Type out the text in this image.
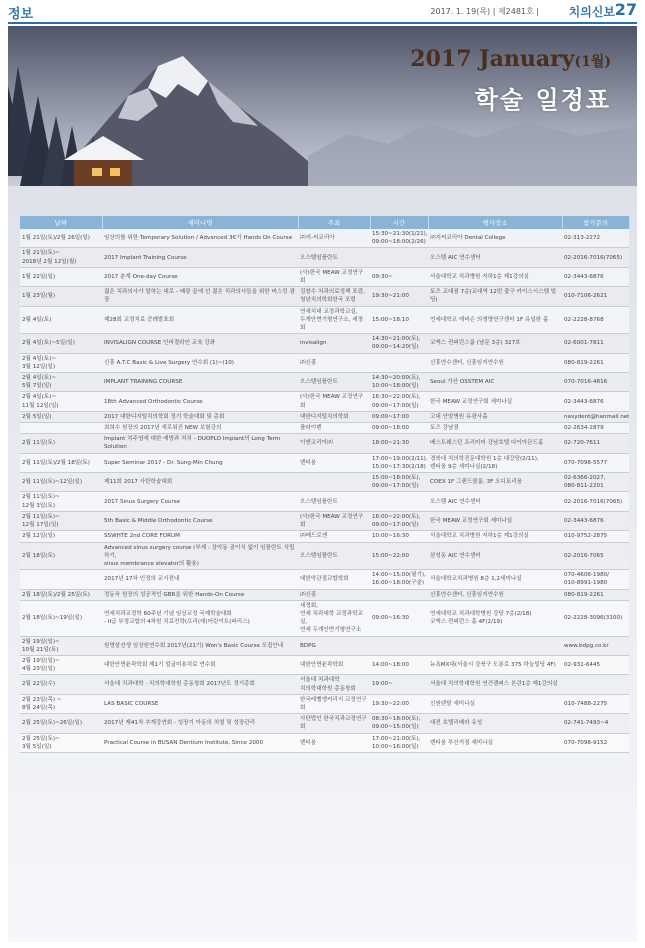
정보	2017. 1. 19(목) | 제2481호 | 치의신보 27
2017 January(1월)
학술 일정표
날짜	세미나명	주최	시간	행사장소	참가문의
1월 21일(토)/2월 26일(일)	임상의를 위한 Temporary Solution / Advanced 3€기 Hands On Course	㈜지-씨코리아	15:30~21:30(1/21),
09:00~18:00(2/26)	㈜지씨코리아 Dental College	02-313-2272
1월 21일(토)~
2018년 2월 12일(월)	2017 Implant Training Course	오스템임플란트		오스템 AIC 연수센터	02-2016-7016(7065)
1월 22일(일)	2017 춘계 One-day Course	(사)한국 MEAW 교정연구회	09:30~	서울대학교 치과병원 지하1층 제1강의실	02-3443-6876
1월 23일(월)	젊은 치과의사가 말하는 대로 - 배광 끝에 선 젊은 치과의사들을 위한 버스킹 광장	검찰수 치과의료정책 포럼,
청년치의학회한국 포럼	19:30~21:00	토즈 교대점 7층(교대역 12번 출구 카이스시스템 빌딩)	010-7106-2621
2월 4일(토)	제28회 교정치료 증례발표회	연세치대 교정과학교실,
두개안면기형연구소, 세정회	15:00~18:10	연세대학교 에비슨 의생명연구센터 1F 유일한 홀	02-2228-8768
2월 4일(토)~5일(일)	INVISALIGN COURSE 인비절라인 교육 강좌	invisalign	14:30~21:00(토),
09:00~14:20(일)	코엑스 컨퍼런스룸 (남문 3층) 327호	02-6001-7811
2월 4일(토)~
3월 12일(일)	신흥 A.T.C Basic & Live Surgery 연수회 (1)~(10)	㈜신흥		신흥연수센터, 신흥임지연수원	080-819-2261
2월 4일(토)~
5월 7일(일)	IMPLANT TRAINING COURSE	오스템임플란트	14:30~20:00(토),
10:00~18:00(일)	Seoul 가산 OSSTEM AIC	070-7016-4816
2월 4일(토)~
11월 12일(일)	18th Advanced Orthodontic Course	(사)한국 MEAW 교정연구회	16:30~22:00(토),
09:00~17:00(일)	한국 MEAW 교정연구회 세미나실	02-3443-6876
2월 5일(일)	2017 대한디지털치의학회 정기 학술대회 및 총회	대한디지털치의학회	09:00~17:00	고대 안암병원 유광사홀	navydent@hanmail.net
	최희수 원장의 2017년 새로워진 NEW 보험강의	플라이덴	09:00~18:00	토즈 강남점	02-2634-2879
2월 11일(토)	Implant 치주염에 대한 예방과 처치 - DUOPLO Implant의 Long Term Solution	이엔코리아㈜	18:00~21:30	베스트웨스턴 프리미어 강남호텔 다이아몬드홀	02-720-7611
2월 11일(토)/2월 18일(토)	Super Seminar 2017 - Dr. Sung-Min Chung	덴티움	17:00~19:00(2/11),
15:00~17:30(2/18)	경북대 치의학전문대학원 1층 대강당(2/11),
덴티움 9층 세미나실(2/18)	070-7098-5577
2월 11일(토)~12일(일)	제11회 2017 사탄학술대회		15:00~18:00(토),
09:00~17:00(일)	COEX 1F 그랜드볼룸, 3F 오디토리움	02-6366-2027,
080-811-2201
2월 11일(토)~
12월 3일(토)	2017 Sinus Surgery Course	오스템임플란트		오스템 AIC 연수센터	02-2016-7016(7065)
2월 11일(토)~
12월 17일(일)	5th Basic & Middle Orthodontic Course	(사)한국 MEAW 교정연구회	16:00~22:00(토),
09:00~17:00(일)	한국 MEAW 교정연구회 세미나실	02-3443-6876
2월 12일(일)	SSWHTE 2nd CORE FORUM	㈜메드로잰	10:00~16:30	서울대학교 치과병원 지하1층 제1강의실	010-9752-2875
2월 18일(토)	Advanced sinus surgery course (부제 : 상악동 골이식 없이 임플란트 식립하기,
sinus membrance elevator의 활용)	오스템임플란트	15:00~22:00	삼성동 AIC 연수센터	02-2016-7065
	2017년 17차 인정의 교시전내	대한악관절교합학회	14:00~15:00(필기),
16:00~18:00(구술)	서울대학교치과병원 8층 1,2세미나실	070-4606-1980/
010-8991-1980
2월 18일(토)/2월 25일(토)	정동욱 원장의 성공적인 GBR을 위한 Hands-On Course	㈜신흥		신흥연수센터, 신흥임지연수원	080-819-2261
2월 18일(토)~19일(일)	연세치과교정학 60주년 기념 임상교정 국제학술대회
- II급 부정교합의 4차원 치료전략(프리(데)어린이트(파리스)	세정회,
연세 치과대학 교정과학교실,
연세 두개안면기형연구소	09:00~16:30	연세대학교 치과대학병원 강당 7층(2/18)
코엑스 컨퍼런스 홀 4F(2/19)	02-2228-3096(3100)
2월 19일(일)~
10월 21일(토)	원영삼선생 임상원연수회 2017년(21기) Won's Basic Course 모집안내	BDPG			www.bdpg.co.kr
2월 19일(일)~
4월 23일(일)	대한안면윤곽학회 제1기 얼굴미용치료 연수회	대한안면윤곽학회	14:00~18:00	뉴욕MX대(서울시 강북구 도봉로 375 하늘빌딩 4F)	02-931-6445
2월 22일(수)	서울대 치과대학 · 치의학대학원 총동창회 2017년도 정기총회	서울대 치과대학
치의학대학원 총동창회	19:00~	서울대 치의학대학원 연건캠퍼스 본관1층 제1강의실	
2월 23일(목) ~
8월 24일(목)	LAS BASIC COURSE	한국레벨앵커리지 교정연구회	19:30~22:00	신원덴탈 세미나실	010-7488-2275
2월 25일(토)~26일(일)	2017년 제41차 추계강연회 - 성장기 아동의 치열 및 성장관리	사단법인 한국치과교정연구회	08:30~18:00(토),
09:00~15:00(일)	대전 호텔리베라 유성	02-741-7493~4
2월 25일(토)~
3월 5일(일)	Practical Course in BUSAN Dentium Institute, Since 2000	덴티움	17:00~21:00(토),
10:00~16:00(일)	덴티움 부산지점 세미나실	070-7098-9152
